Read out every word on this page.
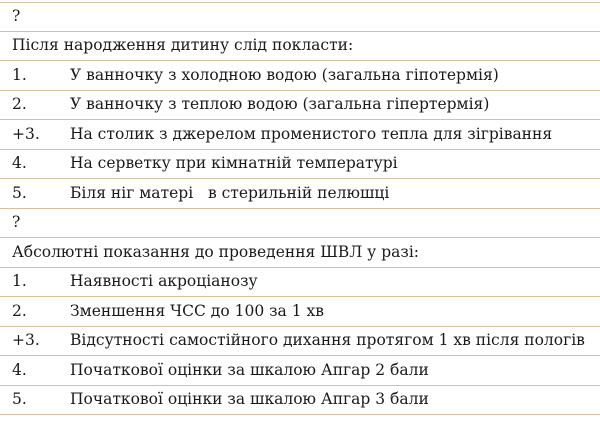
?
Після народження дитину слід покласти:
1.	У ванночку з холодною водою (загальна гіпотермія)
2.	У ванночку з теплою водою (загальна гіпертермія)
+3.	На столик з джерелом променистого тепла для зігрівання
4.	На серветку при кімнатній температурі
5.	Біля ніг матері   в стерильній пелюшці
?
Абсолютні показання до проведення ШВЛ у разі:
1.	Наявності акроціанозу
2.	Зменшення ЧСС до 100 за 1 хв
+3.	Відсутності самостійного дихання протягом 1 хв після пологів
4.	Початкової оцінки за шкалою Апгар 2 бали
5.	Початкової оцінки за шкалою Апгар 3 бали
